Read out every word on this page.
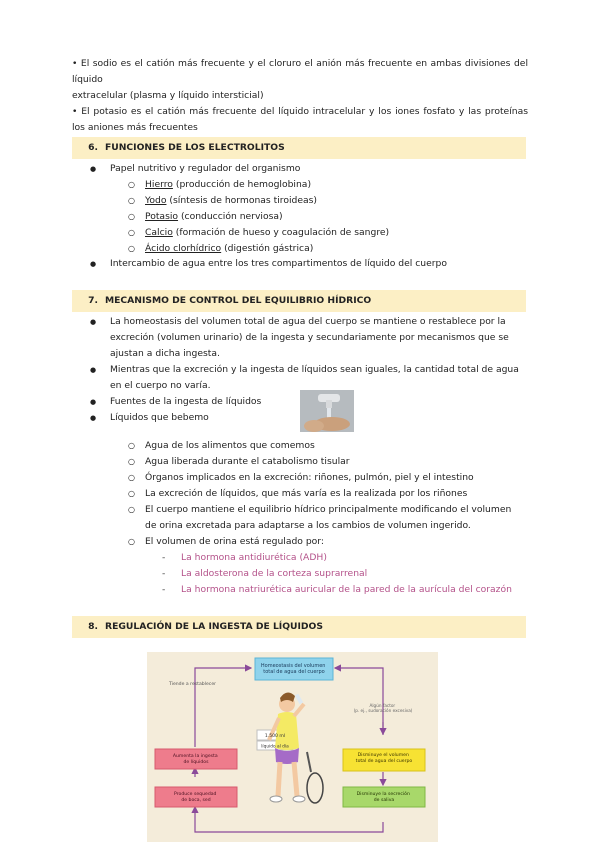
• El sodio es el catión más frecuente y el cloruro el anión más frecuente en ambas divisiones del líquido

extracelular (plasma y líquido intersticial)

• El potasio es el catión más frecuente del líquido intracelular y los iones fosfato y las proteínas los aniones más frecuentes

6. FUNCIONES DE LOS ELECTROLITOS
● Papel nutritivo y regulador del organismo
○ Hierro (producción de hemoglobina)
○ Yodo (síntesis de hormonas tiroideas)
○ Potasio (conducción nerviosa)
○ Calcio (formación de hueso y coagulación de sangre)
○ Ácido clorhídrico (digestión gástrica)
● Intercambio de agua entre los tres compartimentos de líquido del cuerpo
7. MECANISMO DE CONTROL DEL EQUILIBRIO HÍDRICO
● La homeostasis del volumen total de agua del cuerpo se mantiene o restablece por la excreción (volumen urinario) de la ingesta y secundariamente por mecanismos que se ajustan a dicha ingesta.
● Mientras que la excreción y la ingesta de líquidos sean iguales, la cantidad total de agua en el cuerpo no varía.
● Fuentes de la ingesta de líquidos
● Líquidos que bebemo
○ Agua de los alimentos que comemos
○ Agua liberada durante el catabolismo tisular
○ Órganos implicados en la excreción: riñones, pulmón, piel y el intestino
○ La excreción de líquidos, que más varía es la realizada por los riñones
○ El cuerpo mantiene el equilibrio hídrico principalmente modificando el volumen de orina excretada para adaptarse a los cambios de volumen ingerido.
○ El volumen de orina está regulado por:
- La hormona antidiurética (ADH)
- La aldosterona de la corteza suprarrenal
- La hormona natriurética auricular de la pared de la aurícula del corazón
8. REGULACIÓN DE LA INGESTA DE LÍQUIDOS
Homeostasis del volumen total de agua del cuerpo
Tiende a restablecer
Algún factor (p. ej., sudoración excesiva)
1.500 ml
líquido al día
Aumenta la ingesta de líquidos
Produce sequedad de boca, sed
Disminuye el volumen total de agua del cuerpo
Disminuye la secreción de saliva
